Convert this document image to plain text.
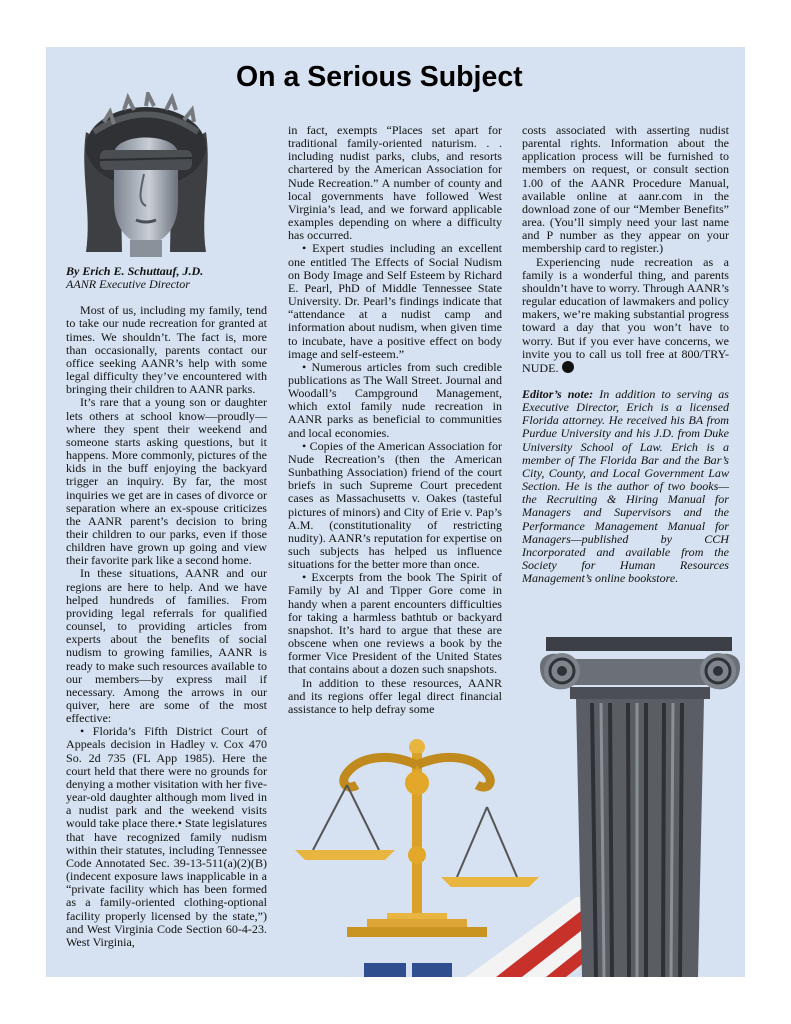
On a Serious Subject

By Erich E. Schuttauf, J.D.

AANR Executive Director

Most of us, including my family, tend to take our nude recreation for granted at times. We shouldn’t. The fact is, more than occasionally, parents contact our office seeking AANR’s help with some legal difficulty they’ve encountered with bringing their children to AANR parks.

It’s rare that a young son or daughter lets others at school know—proudly—where they spent their weekend and someone starts asking questions, but it happens. More commonly, pictures of the kids in the buff enjoying the backyard trigger an inquiry. By far, the most inquiries we get are in cases of divorce or separation where an ex-spouse criticizes the AANR parent’s decision to bring their children to our parks, even if those children have grown up going and view their favorite park like a second home.

In these situations, AANR and our regions are here to help. And we have helped hundreds of families. From providing legal referrals for qualified counsel, to providing articles from experts about the benefits of social nudism to growing families, AANR is ready to make such resources available to our members—by express mail if necessary. Among the arrows in our quiver, here are some of the most effective:

• Florida’s Fifth District Court of Appeals decision in Hadley v. Cox 470 So. 2d 735 (FL App 1985). Here the court held that there were no grounds for denying a mother visitation with her five-year-old daughter although mom lived in a nudist park and the weekend visits would take place there.• State legislatures that have recognized family nudism within their statutes, including Tennessee Code Annotated Sec. 39-13-511(a)(2)(B) (indecent exposure laws inapplicable in a “private facility which has been formed as a family-oriented clothing-optional facility properly licensed by the state,”) and West Virginia Code Section 60-4-23. West Virginia,

in fact, exempts “Places set apart for traditional family-oriented naturism. . . including nudist parks, clubs, and resorts chartered by the American Association for Nude Recreation.” A number of county and local governments have followed West Virginia’s lead, and we forward applicable examples depending on where a difficulty has occurred.

• Expert studies including an excellent one entitled The Effects of Social Nudism on Body Image and Self Esteem by Richard E. Pearl, PhD of Middle Tennessee State University. Dr. Pearl’s findings indicate that “attendance at a nudist camp and information about nudism, when given time to incubate, have a positive effect on body image and self-esteem.”

• Numerous articles from such credible publications as The Wall Street. Journal and Woodall’s Campground Management, which extol family nude recreation in AANR parks as beneficial to communities and local economies.

• Copies of the American Association for Nude Recreation’s (then the American Sunbathing Association) friend of the court briefs in such Supreme Court precedent cases as Massachusetts v. Oakes (tasteful pictures of minors) and City of Erie v. Pap’s A.M. (constitutionality of restricting nudity). AANR’s reputation for expertise on such subjects has helped us influence situations for the better more than once.

• Excerpts from the book The Spirit of Family by Al and Tipper Gore come in handy when a parent encounters difficulties for taking a harmless bathtub or backyard snapshot. It’s hard to argue that these are obscene when one reviews a book by the former Vice President of the United States that contains about a dozen such snapshots.

In addition to these resources, AANR and its regions offer legal direct financial assistance to help defray some

costs associated with asserting nudist parental rights. Information about the application process will be furnished to members on request, or consult section 1.00 of the AANR Procedure Manual, available online at aanr.com in the download zone of our “Member Benefits” area. (You’ll simply need your last name and P number as they appear on your membership card to register.)

Experiencing nude recreation as a family is a wonderful thing, and parents shouldn’t have to worry. Through AANR’s regular education of lawmakers and policy makers, we’re making substantial progress toward a day that you won’t have to worry. But if you ever have concerns, we invite you to call us toll free at 800/TRY-NUDE.

Editor’s note: In addition to serving as Executive Director, Erich is a licensed Florida attorney. He received his BA from Purdue University and his J.D. from Duke University School of Law. Erich is a member of The Florida Bar and the Bar’s City, County, and Local Government Law Section. He is the author of two books—the Recruiting & Hiring Manual for Managers and Supervisors and the Performance Management Manual for Managers—published by CCH Incorporated and available from the Society for Human Resources Management’s online bookstore.
